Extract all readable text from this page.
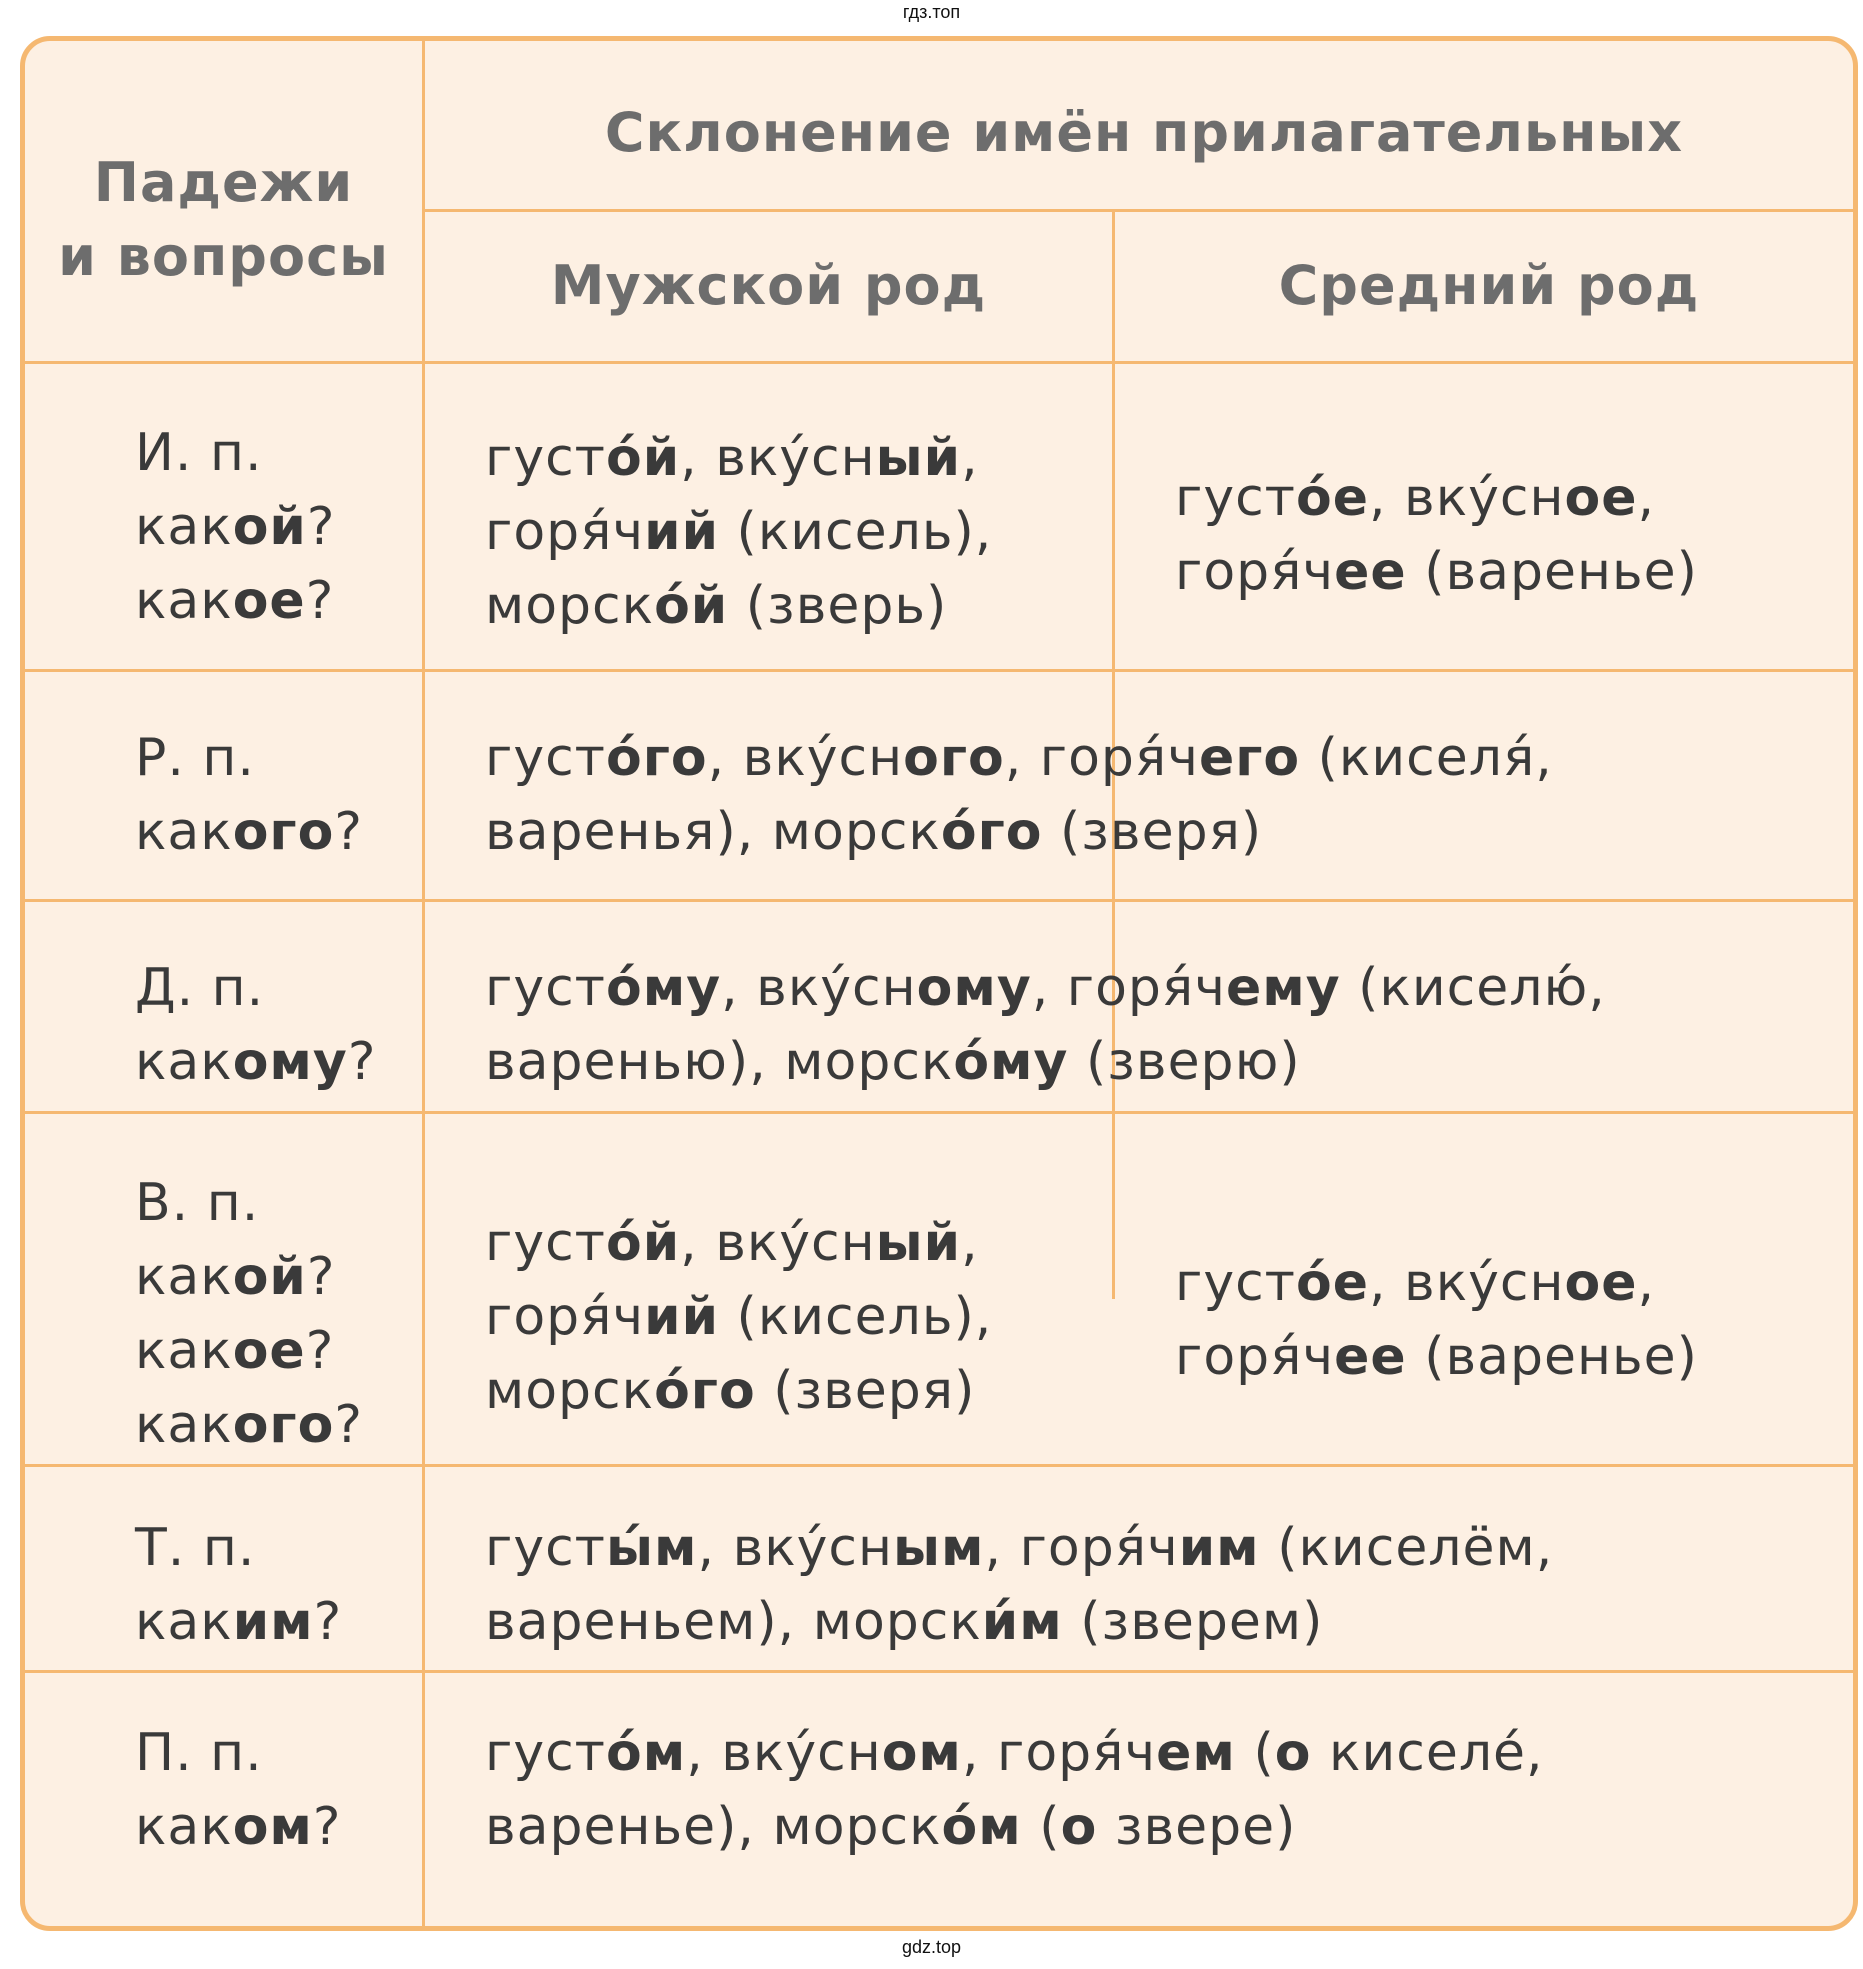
гдз.топ
Падежи
и вопросы
Склонение имён прилагательных
Мужской род	Средний род
И. п.
какой?
какое?
густо́й, вку́сный,
горя́чий (кисель),
морско́й (зверь)
густо́е, вку́сное,
горя́чее (варенье)
Р. п.
какого?
густо́го, вку́сного, горя́чего (киселя́,
варенья), морско́го (зверя)
Д. п.
какому?
густо́му, вку́сному, горя́чему (киселю́,
варенью), морско́му (зверю)
В. п.
какой?
какое?
какого?
густо́й, вку́сный,
горя́чий (кисель),
морско́го (зверя)
густо́е, вку́сное,
горя́чее (варенье)
Т. п.
каким?
густы́м, вку́сным, горя́чим (киселём,
вареньем), морски́м (зверем)
П. п.
каком?
густо́м, вку́сном, горя́чем (о киселе́,
варенье), морско́м (о звере)
gdz.top
